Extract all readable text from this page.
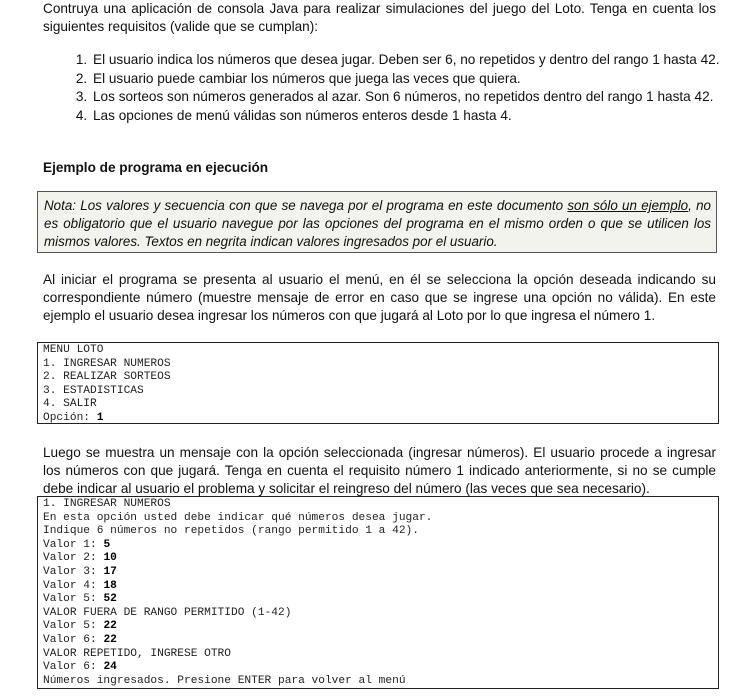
Contruya una aplicación de consola Java para realizar simulaciones del juego del Loto. Tenga en cuenta los siguientes requisitos (valide que se cumplan):

1. El usuario indica los números que desea jugar. Deben ser 6, no repetidos y dentro del rango 1 hasta 42.
2. El usuario puede cambiar los números que juega las veces que quiera.
3. Los sorteos son números generados al azar. Son 6 números, no repetidos dentro del rango 1 hasta 42.
4. Las opciones de menú válidas son números enteros desde 1 hasta 4.

Ejemplo de programa en ejecución

Nota: Los valores y secuencia con que se navega por el programa en este documento son sólo un ejemplo, no es obligatorio que el usuario navegue por las opciones del programa en el mismo orden o que se utilicen los mismos valores. Textos en negrita indican valores ingresados por el usuario.

Al iniciar el programa se presenta al usuario el menú, en él se selecciona la opción deseada indicando su correspondiente número (muestre mensaje de error en caso que se ingrese una opción no válida). En este ejemplo el usuario desea ingresar los números con que jugará al Loto por lo que ingresa el número 1.

MENU LOTO
1. INGRESAR NUMEROS
2. REALIZAR SORTEOS
3. ESTADISTICAS
4. SALIR
Opción: 1

Luego se muestra un mensaje con la opción seleccionada (ingresar números). El usuario procede a ingresar los números con que jugará. Tenga en cuenta el requisito número 1 indicado anteriormente, si no se cumple debe indicar al usuario el problema y solicitar el reingreso del número (las veces que sea necesario).

1. INGRESAR NUMEROS
En esta opción usted debe indicar qué números desea jugar.
Indique 6 números no repetidos (rango permitido 1 a 42).
Valor 1: 5
Valor 2: 10
Valor 3: 17
Valor 4: 18
Valor 5: 52
VALOR FUERA DE RANGO PERMITIDO (1-42)
Valor 5: 22
Valor 6: 22
VALOR REPETIDO, INGRESE OTRO
Valor 6: 24
Números ingresados. Presione ENTER para volver al menú
